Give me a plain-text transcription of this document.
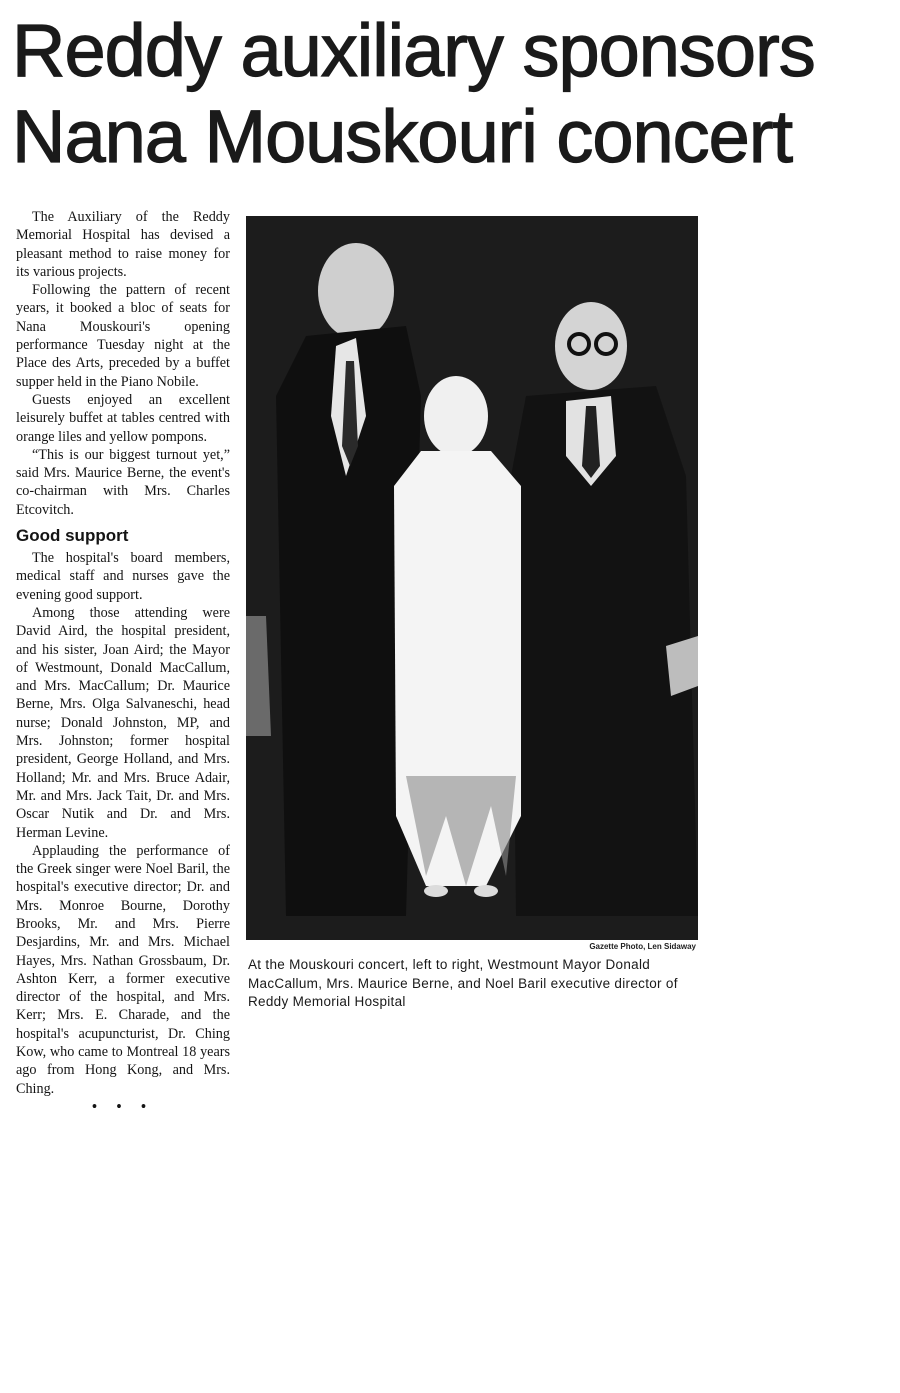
Reddy auxiliary sponsors
Nana Mouskouri concert

The Auxiliary of the Reddy Memorial Hospital has devised a pleasant method to raise money for its various projects.

Following the pattern of recent years, it booked a bloc of seats for Nana Mouskouri's opening performance Tuesday night at the Place des Arts, preceded by a buffet supper held in the Piano Nobile.

Guests enjoyed an excellent leisurely buffet at tables centred with orange liles and yellow pompons.

“This is our biggest turnout yet,” said Mrs. Maurice Berne, the event's co-chairman with Mrs. Charles Etcovitch.

Good support

The hospital's board members, medical staff and nurses gave the evening good support.

Among those attending were David Aird, the hospital president, and his sister, Joan Aird; the Mayor of Westmount, Donald MacCallum, and Mrs. MacCallum; Dr. Maurice Berne, Mrs. Olga Salvaneschi, head nurse; Donald Johnston, MP, and Mrs. Johnston; former hospital president, George Holland, and Mrs. Holland; Mr. and Mrs. Bruce Adair, Mr. and Mrs. Jack Tait, Dr. and Mrs. Oscar Nutik and Dr. and Mrs. Herman Levine.

Applauding the performance of the Greek singer were Noel Baril, the hospital's executive director; Dr. and Mrs. Monroe Bourne, Dorothy Brooks, Mr. and Mrs. Pierre Desjardins, Mr. and Mrs. Michael Hayes, Mrs. Nathan Grossbaum, Dr. Ashton Kerr, a former executive director of the hospital, and Mrs. Kerr; Mrs. E. Charade, and the hospital's acupuncturist, Dr. Ching Kow, who came to Montreal 18 years ago from Hong Kong, and Mrs. Ching.

• • •

Gazette Photo, Len Sidaway
At the Mouskouri concert, left to right, Westmount Mayor Donald MacCallum, Mrs. Maurice Berne, and Noel Baril executive director of Reddy Memorial Hospital
